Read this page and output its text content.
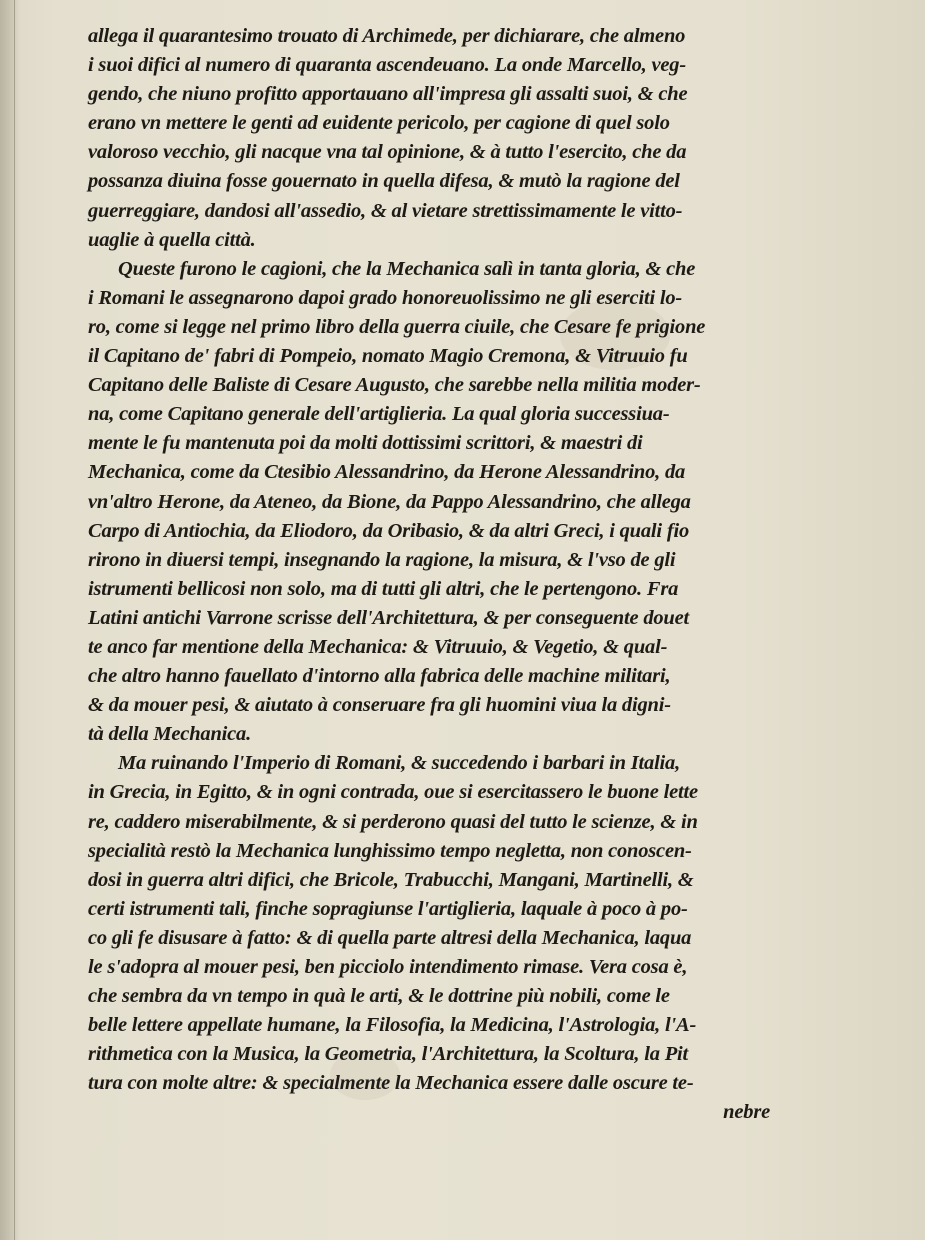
allega il quarantesimo trouato di Archimede, per dichiarare, che almeno
i suoi difici al numero di quaranta ascendeuano. La onde Marcello, veg-
gendo, che niuno profitto apportauano all'impresa gli assalti suoi, & che
erano vn mettere le genti ad euidente pericolo, per cagione di quel solo
valoroso vecchio, gli nacque vna tal opinione, & à tutto l'esercito, che da
possanza diuina fosse gouernato in quella difesa, & mutò la ragione del
guerreggiare, dandosi all'assedio, & al vietare strettissimamente le vitto-
uaglie à quella città.
Queste furono le cagioni, che la Mechanica salì in tanta gloria, & che
i Romani le assegnarono dapoi grado honoreuolissimo ne gli eserciti lo-
ro, come si legge nel primo libro della guerra ciuile, che Cesare fe prigione
il Capitano de' fabri di Pompeio, nomato Magio Cremona, & Vitruuio fu
Capitano delle Baliste di Cesare Augusto, che sarebbe nella militia moder-
na, come Capitano generale dell'artiglieria. La qual gloria successiua-
mente le fu mantenuta poi da molti dottissimi scrittori, & maestri di
Mechanica, come da Ctesibio Alessandrino, da Herone Alessandrino, da
vn'altro Herone, da Ateneo, da Bione, da Pappo Alessandrino, che allega
Carpo di Antiochia, da Eliodoro, da Oribasio, & da altri Greci, i quali fio
rirono in diuersi tempi, insegnando la ragione, la misura, & l'vso de gli
istrumenti bellicosi non solo, ma di tutti gli altri, che le pertengono. Fra
Latini antichi Varrone scrisse dell'Architettura, & per conseguente douet
te anco far mentione della Mechanica: & Vitruuio, & Vegetio, & qual-
che altro hanno fauellato d'intorno alla fabrica delle machine militari,
& da mouer pesi, & aiutato à conseruare fra gli huomini viua la digni-
tà della Mechanica.
Ma ruinando l'Imperio di Romani, & succedendo i barbari in Italia,
in Grecia, in Egitto, & in ogni contrada, oue si esercitassero le buone lette
re, caddero miserabilmente, & si perderono quasi del tutto le scienze, & in
specialità restò la Mechanica lunghissimo tempo negletta, non conoscen-
dosi in guerra altri difici, che Bricole, Trabucchi, Mangani, Martinelli, &
certi istrumenti tali, finche sopragiunse l'artiglieria, laquale à poco à po-
co gli fe disusare à fatto: & di quella parte altresi della Mechanica, laqua
le s'adopra al mouer pesi, ben picciolo intendimento rimase. Vera cosa è,
che sembra da vn tempo in quà le arti, & le dottrine più nobili, come le
belle lettere appellate humane, la Filosofia, la Medicina, l'Astrologia, l'A-
rithmetica con la Musica, la Geometria, l'Architettura, la Scoltura, la Pit
tura con molte altre: & specialmente la Mechanica essere dalle oscure te-
nebre
